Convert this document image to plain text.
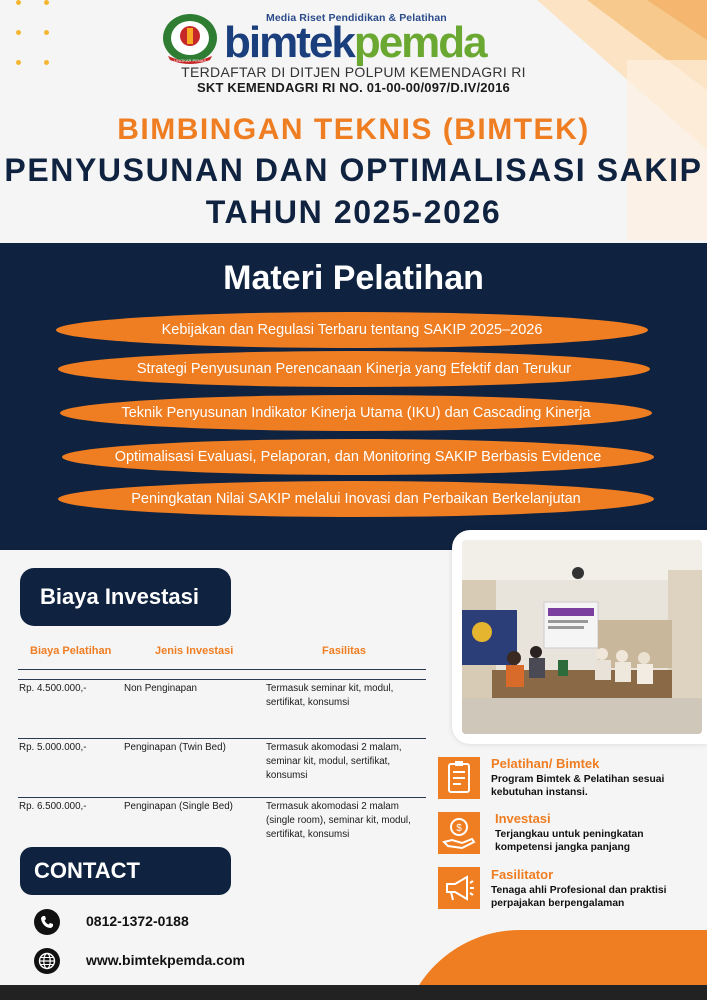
LINGKAR PENAS
Media Riset Pendidikan & Pelatihan
bimtekpemda
TERDAFTAR DI DITJEN POLPUM KEMENDAGRI RI
SKT KEMENDAGRI RI NO. 01-00-00/097/D.IV/2016
BIMBINGAN TEKNIS (BIMTEK)
PENYUSUNAN DAN OPTIMALISASI SAKIP
TAHUN 2025-2026
Materi Pelatihan
Kebijakan dan Regulasi Terbaru tentang SAKIP 2025–2026
Strategi Penyusunan Perencanaan Kinerja yang Efektif dan Terukur
Teknik Penyusunan Indikator Kinerja Utama (IKU) dan Cascading Kinerja
Optimalisasi Evaluasi, Pelaporan, dan Monitoring SAKIP Berbasis Evidence
Peningkatan Nilai SAKIP melalui Inovasi dan Perbaikan Berkelanjutan
Biaya Investasi
Biaya Pelatihan	Jenis Investasi	Fasilitas
Rp. 4.500.000,-	Non Penginapan	Termasuk seminar kit, modul, sertifikat, konsumsi
Rp. 5.000.000,-	Penginapan (Twin Bed)	Termasuk akomodasi 2 malam, seminar kit, modul, sertifikat, konsumsi
Rp. 6.500.000,-	Penginapan (Single Bed)	Termasuk akomodasi 2 malam (single room), seminar kit, modul, sertifikat, konsumsi
CONTACT
0812-1372-0188
www.bimtekpemda.com
Pelatihan/ Bimtek
Program Bimtek & Pelatihan sesuai kebutuhan instansi.
$
Investasi
Terjangkau untuk peningkatan kompetensi jangka panjang
Fasilitator
Tenaga ahli Profesional dan praktisi perpajakan berpengalaman
